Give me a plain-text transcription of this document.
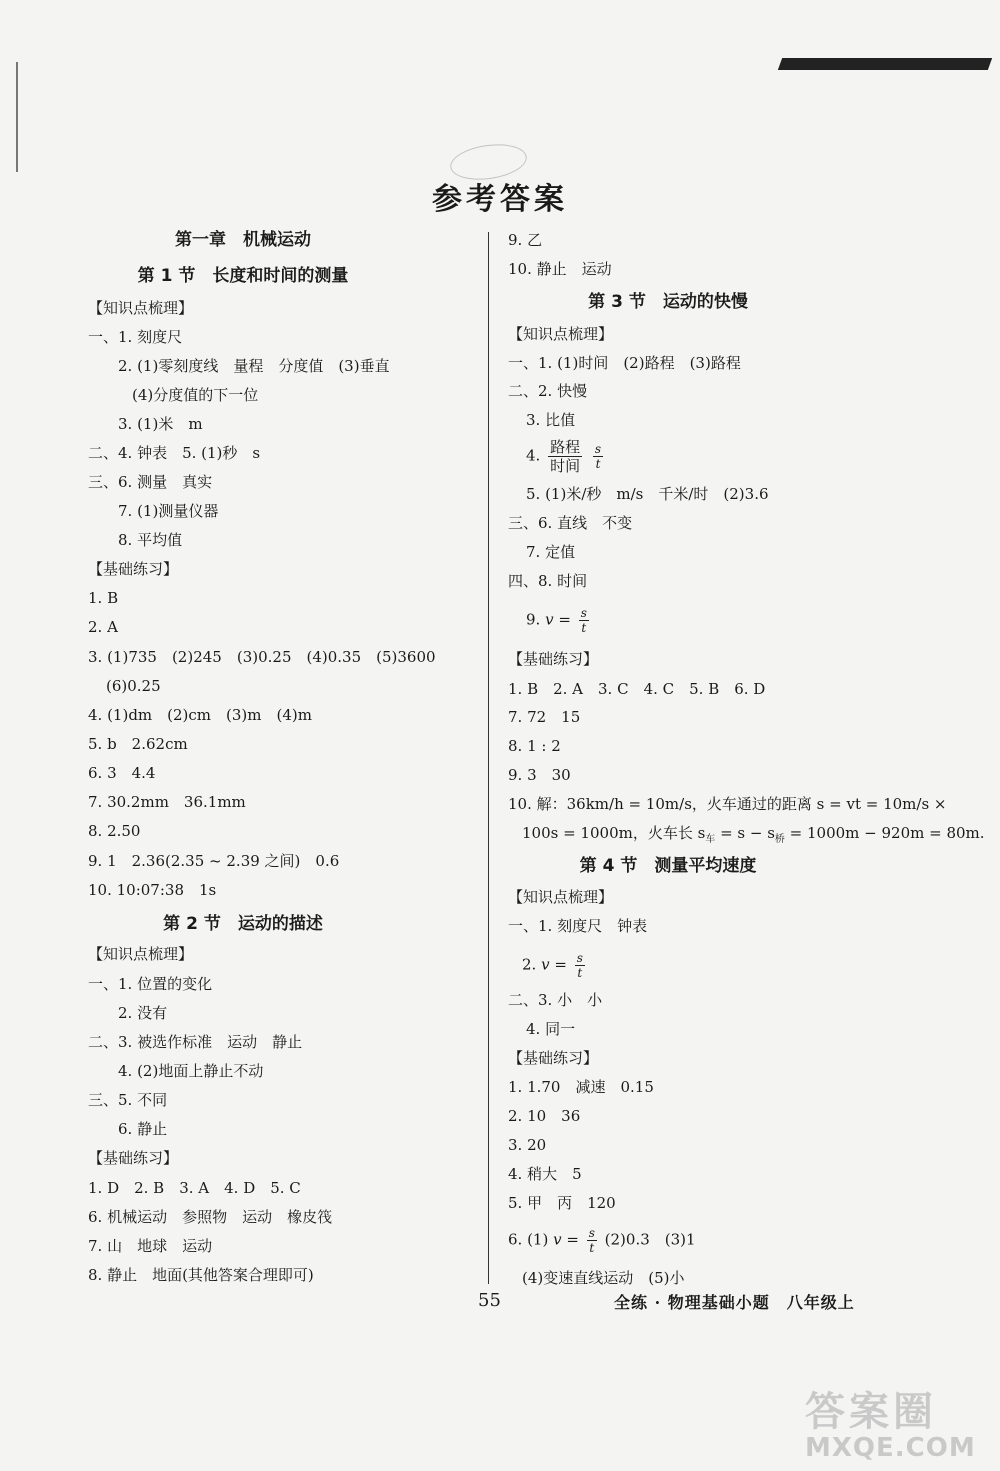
参考答案
第一章　机械运动
第 1 节　长度和时间的测量
【知识点梳理】
一、1. 刻度尺
2. (1)零刻度线　量程　分度值　(3)垂直
(4)分度值的下一位
3. (1)米　m
二、4. 钟表　5. (1)秒　s
三、6. 测量　真实
7. (1)测量仪器
8. 平均值
【基础练习】
1. B
2. A
3. (1)735　(2)245　(3)0.25　(4)0.35　(5)3600
(6)0.25
4. (1)dm　(2)cm　(3)m　(4)m
5. b　2.62cm
6. 3　4.4
7. 30.2mm　36.1mm
8. 2.50
9. 1　2.36(2.35 ~ 2.39 之间)　0.6
10. 10:07:38　1s
第 2 节　运动的描述
【知识点梳理】
一、1. 位置的变化
2. 没有
二、3. 被选作标准　运动　静止
4. (2)地面上静止不动
三、5. 不同
6. 静止
【基础练习】
1. D　2. B　3. A　4. D　5. C
6. 机械运动　参照物　运动　橡皮筏
7. 山　地球　运动
8. 静止　地面(其他答案合理即可)
9. 乙
10. 静止　运动
第 3 节　运动的快慢
【知识点梳理】
一、1. (1)时间　(2)路程　(3)路程
二、2. 快慢
3. 比值
4. $\frac{\text{路程}}{\text{时间}}$
$\frac{s}{t}$
5. (1)米/秒　m/s　千米/时　(2)3.6
三、6. 直线　不变
7. 定值
四、8. 时间
9. $v = \frac{s}{t}$
【基础练习】
1. B　2. A　3. C　4. C　5. B　6. D
7. 72　15
8. 1 : 2
9. 3　30
10. 解：36km/h = 10m/s，火车通过的距离 s = vt = 10m/s ×
100s = 1000m，火车长 $s_车 = s - s_桥 = 1000m - 920m = 80m$.
第 4 节　测量平均速度
【知识点梳理】
一、1. 刻度尺　钟表
2. $v = \frac{s}{t}$
二、3. 小　小
4. 同一
【基础练习】
1. 1.70　减速　0.15
2. 10　36
3. 20
4. 稍大　5
5. 甲　丙　120
6. (1) $v = \frac{s}{t} (2)0.3$　(3)1
(4)变速直线运动　(5)小
55	全练 · 物理基础小题　八年级上
答案圈
MXQE.COM
